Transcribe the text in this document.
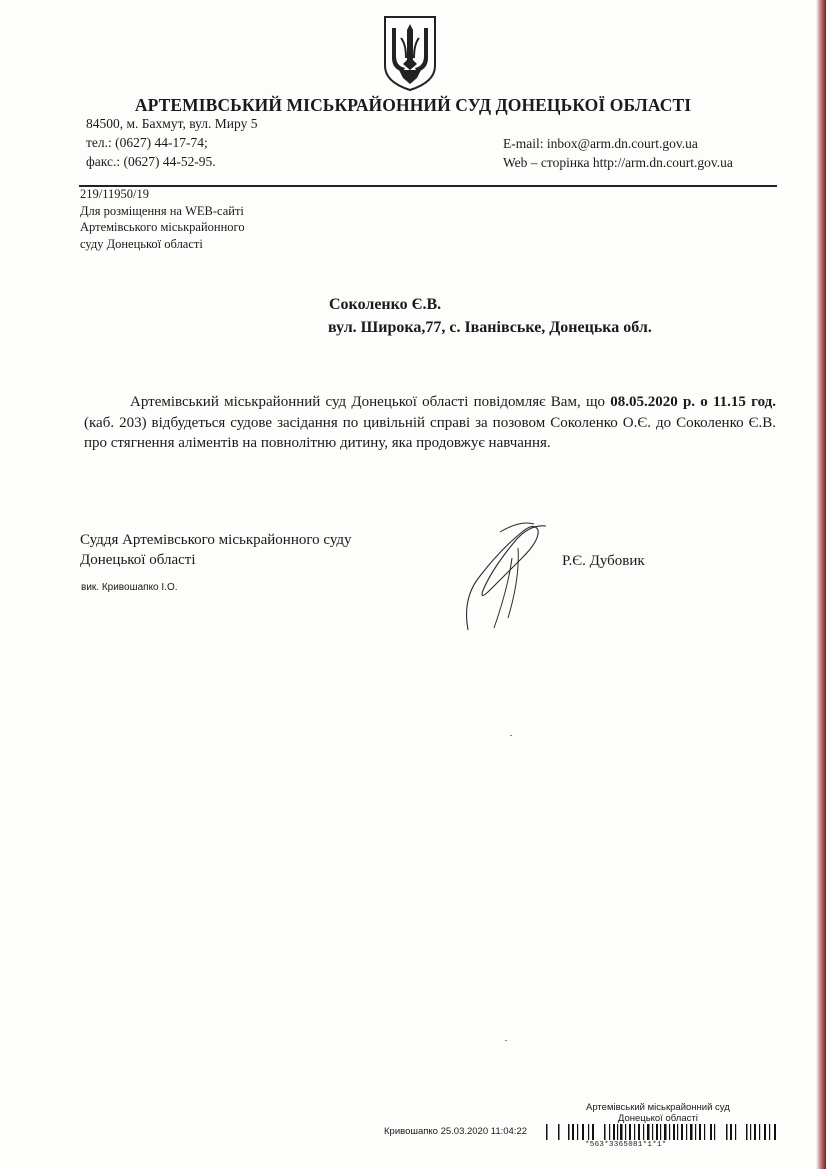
АРТЕМІВСЬКИЙ МІСЬКРАЙОННИЙ СУД ДОНЕЦЬКОЇ ОБЛАСТІ
84500, м. Бахмут, вул. Миру 5
тел.: (0627) 44-17-74;
факс.: (0627) 44-52-95.
E-mail: inbox@arm.dn.court.gov.ua
Web – сторінка http://arm.dn.court.gov.ua
219/11950/19
Для розміщення на WEB-сайті
Артемівського міськрайонного
суду Донецької області
Соколенко Є.В.
вул. Широка,77, с. Іванівське, Донецька обл.
Артемівський міськрайонний суд Донецької області повідомляє Вам, що 08.05.2020 р. о 11.15 год. (каб. 203) відбудеться судове засідання по цивільній справі за позовом Соколенко О.Є. до Соколенко Є.В. про стягнення аліментів на повнолітню дитину, яка продовжує навчання.
Суддя Артемівського міськрайонного суду
Донецької області
вик. Кривошапко І.О.
Р.Є. Дубовик
Артемівський міськрайонний суд
Донецької області
Кривошапко 25.03.2020 11:04:22
*563*3365081*1*1*
